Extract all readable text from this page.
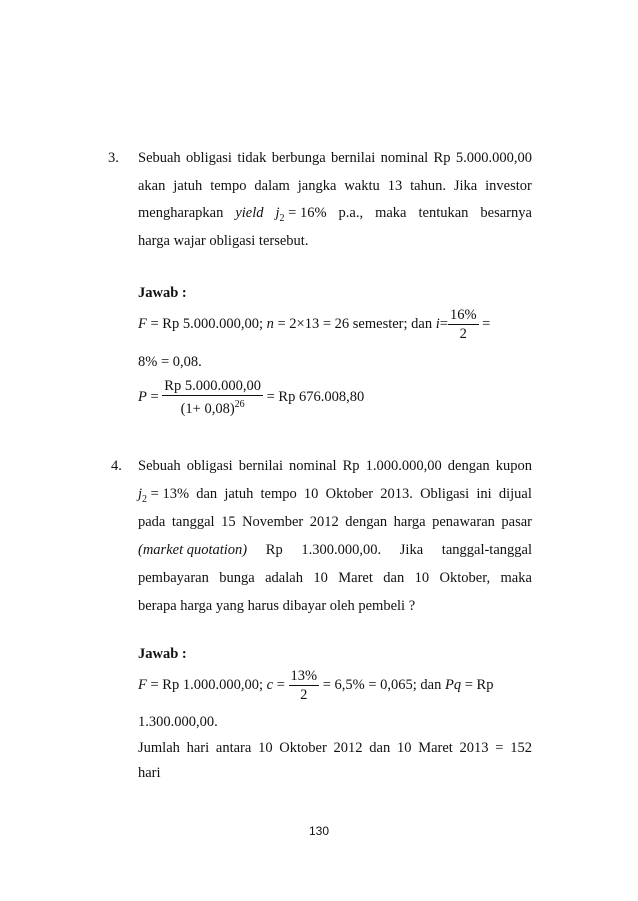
3. Sebuah obligasi tidak berbunga bernilai nominal Rp 5.000.000,00
akan jatuh tempo dalam jangka waktu 13 tahun. Jika investor
mengharapkan yield $j_2 = 16\%$ p.a., maka tentukan besarnya
harga wajar obligasi tersebut.
Jawab :
F
= Rp 5.000.000,00;
n
= 2×13 = 26 semester; dan
$i = \frac{16\%}{2}$
=
8% = 0,08.
P
=
$\frac{Rp 5.000.000,00}{(1+ 0,08)^{26}}$
= Rp 676.008,80
4. Sebuah obligasi bernilai nominal Rp 1.000.000,00 dengan kupon
$j_2 = 13\%$ dan jatuh tempo 10 Oktober 2013. Obligasi ini dijual
pada tanggal 15 November 2012 dengan harga penawaran pasar
(market quotation) Rp 1.300.000,00. Jika tanggal-tanggal
pembayaran bunga adalah 10 Maret dan 10 Oktober, maka
berapa harga yang harus dibayar oleh pembeli ?
Jawab :
F
= Rp 1.000.000,00;
c
=
$\frac{13\%}{2}$
= 6,5% = 0,065; dan
Pq
= Rp
1.300.000,00.
Jumlah hari antara 10 Oktober 2012 dan 10 Maret 2013 = 152
hari
130
